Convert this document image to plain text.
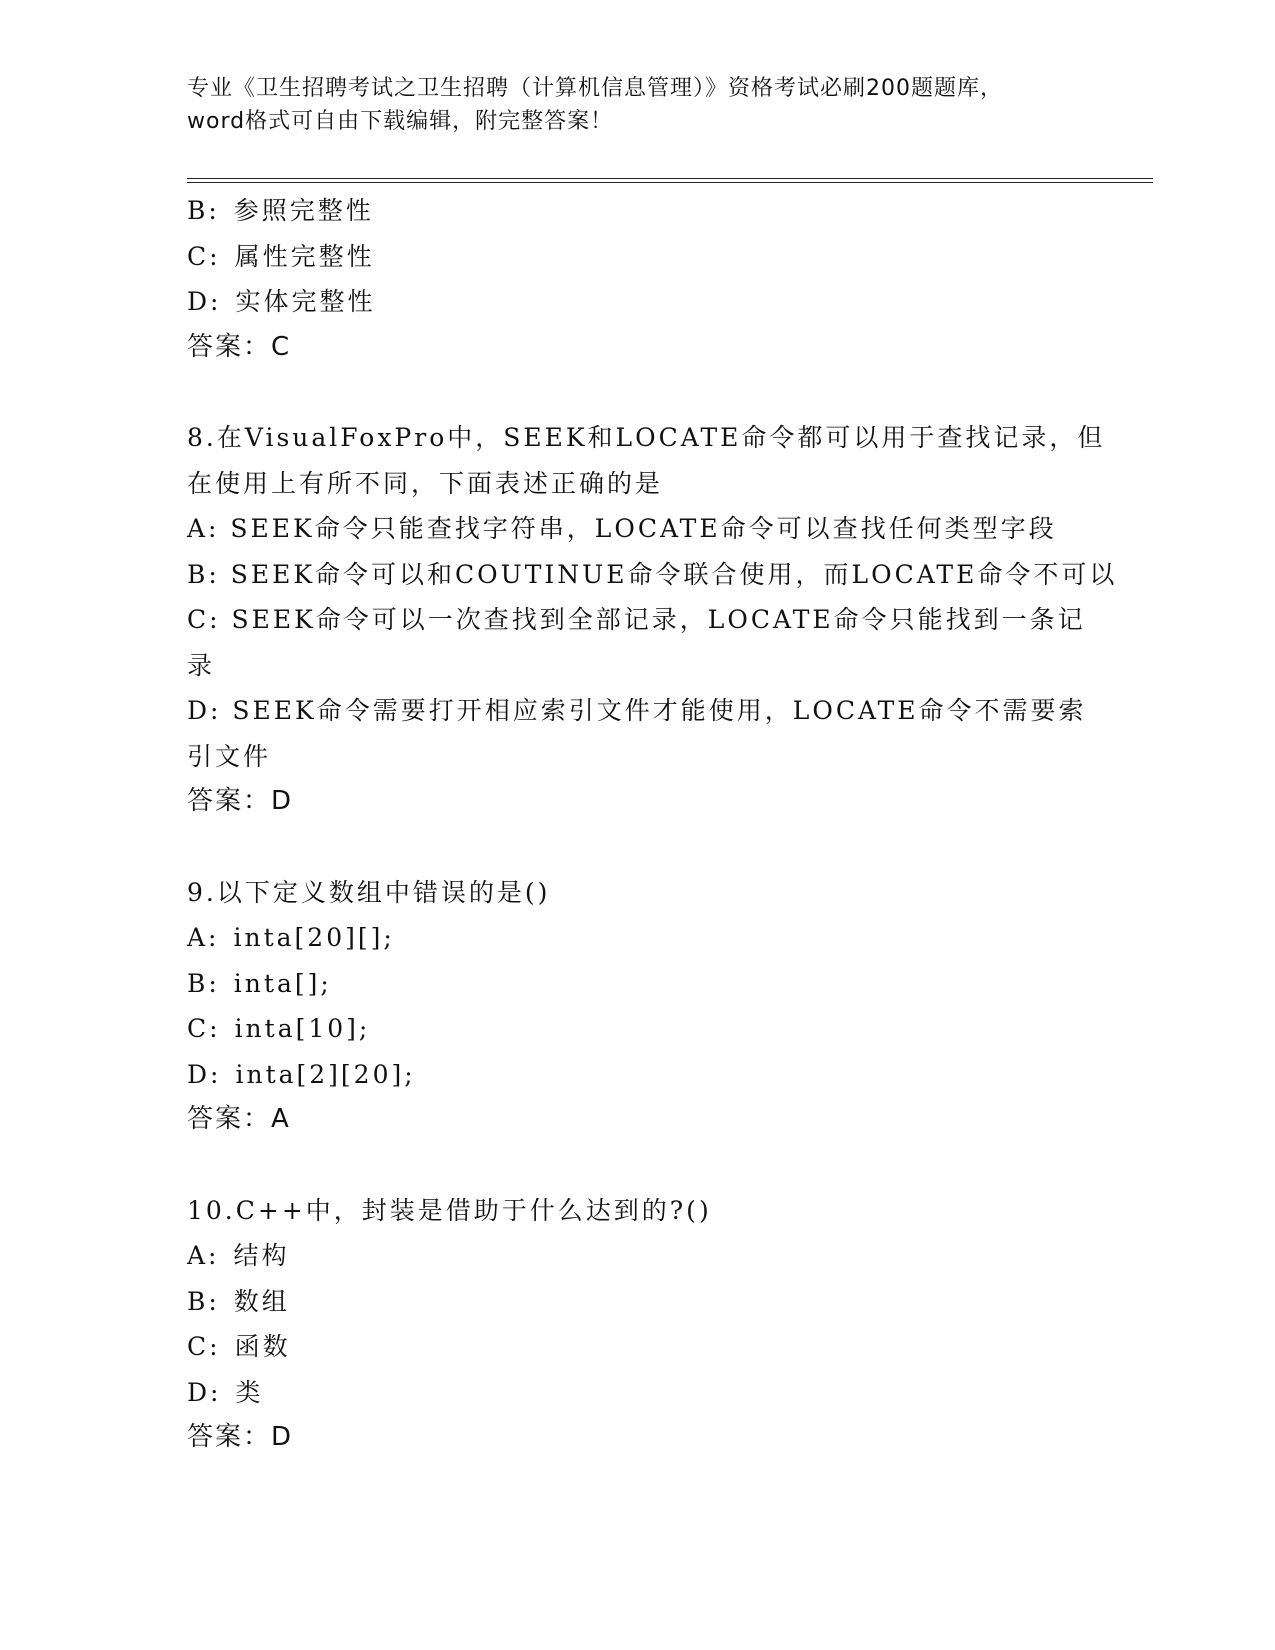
专业《卫生招聘考试之卫生招聘（计算机信息管理）》资格考试必刷200题题库，
word格式可自由下载编辑，附完整答案！
B: 参照完整性
C: 属性完整性
D: 实体完整性
答案：C
8.在VisualFoxPro中，SEEK和LOCATE命令都可以用于查找记录，但
在使用上有所不同，下面表述正确的是
A: SEEK命令只能查找字符串，LOCATE命令可以查找任何类型字段
B: SEEK命令可以和COUTINUE命令联合使用，而LOCATE命令不可以
C: SEEK命令可以一次查找到全部记录，LOCATE命令只能找到一条记
录
D: SEEK命令需要打开相应索引文件才能使用，LOCATE命令不需要索
引文件
答案：D
9.以下定义数组中错误的是()
A: inta[20][];
B: inta[];
C: inta[10];
D: inta[2][20];
答案：A
10.C++中，封装是借助于什么达到的?()
A: 结构
B: 数组
C: 函数
D: 类
答案：D
